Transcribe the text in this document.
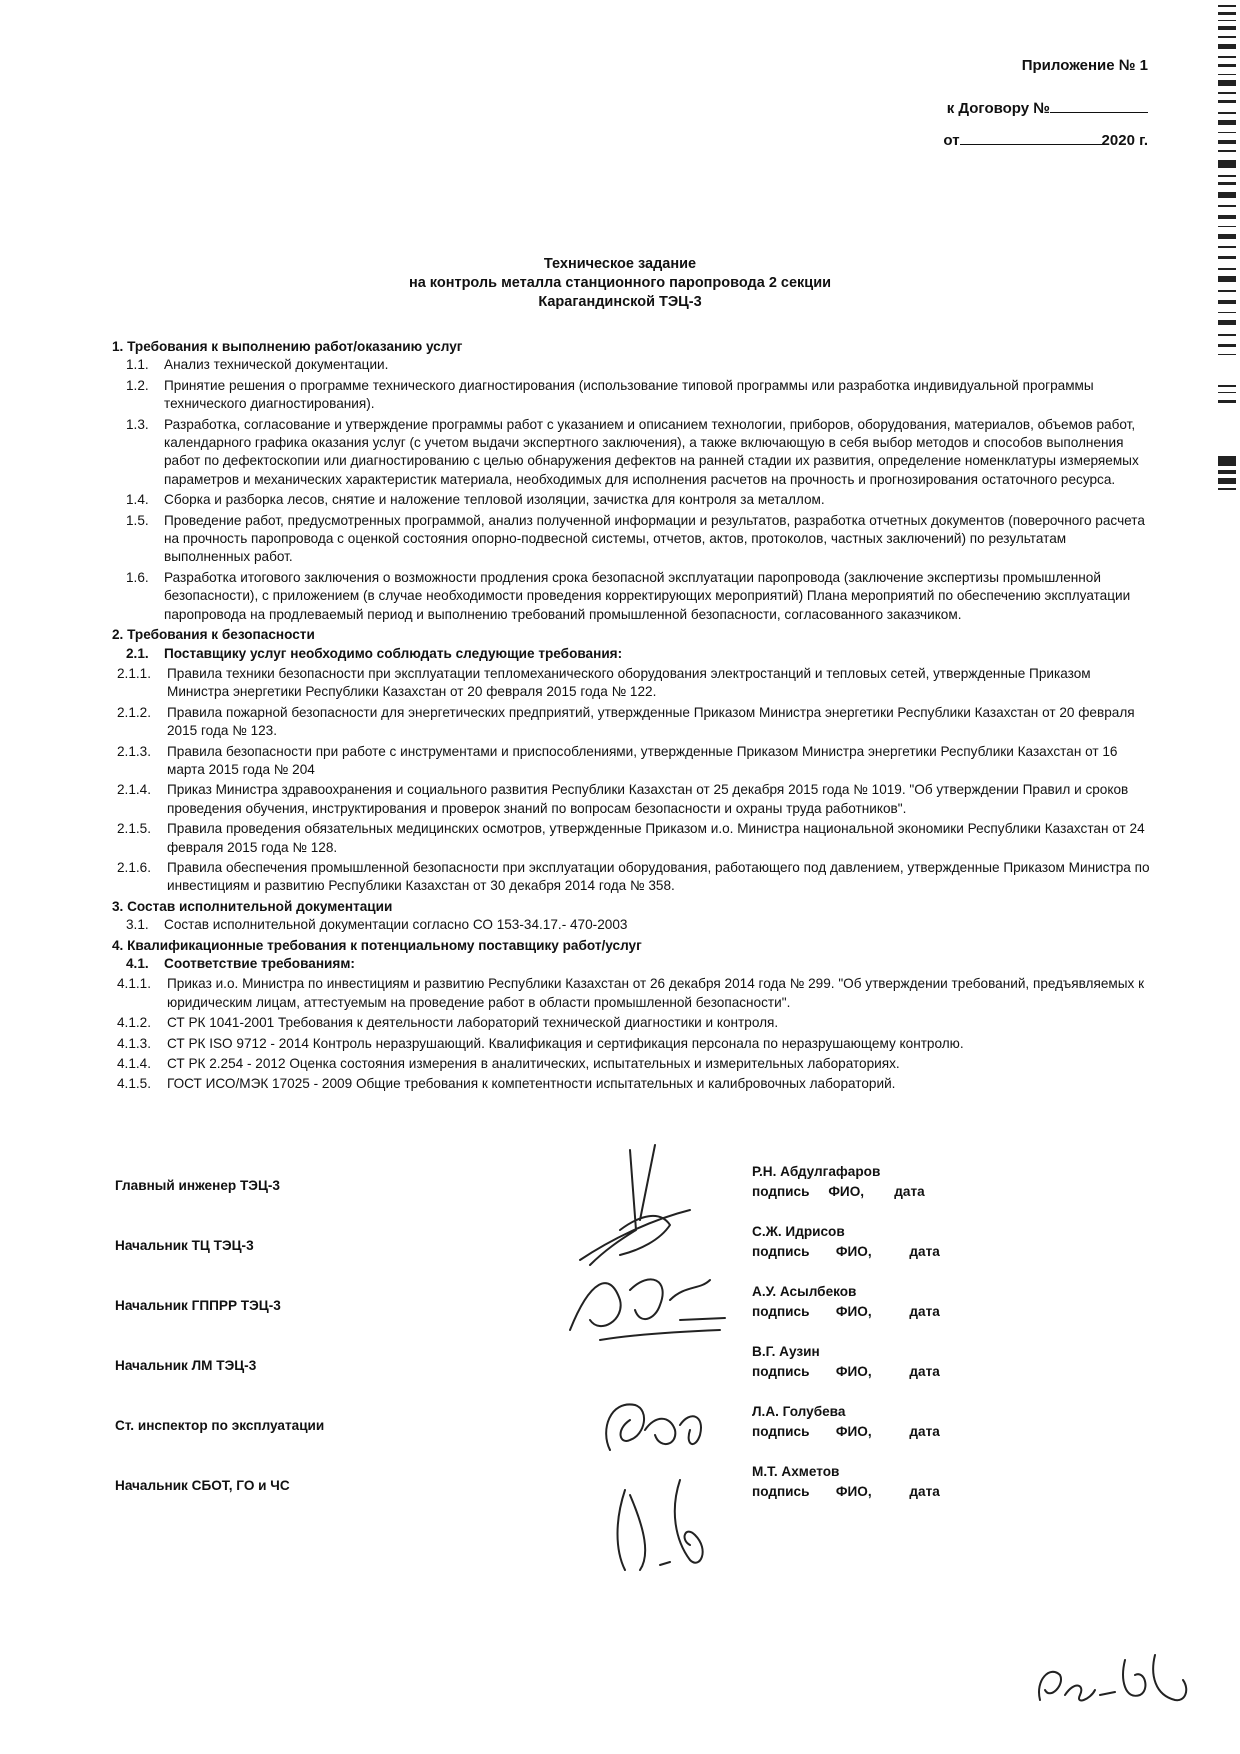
Приложение № 1
к Договору №
от	2020 г.
Техническое задание
на контроль металла станционного паропровода 2 секции
Карагандинской ТЭЦ-3
1. Требования к выполнению работ/оказанию услуг
1.1.	Анализ технической документации.
1.2.	Принятие решения о программе технического диагностирования (использование типовой программы или разработка индивидуальной программы технического диагностирования).
1.3.	Разработка, согласование и утверждение программы работ с указанием и описанием технологии, приборов, оборудования, материалов, объемов работ, календарного графика оказания услуг (с учетом выдачи экспертного заключения), а также включающую в себя выбор методов и способов выполнения работ по дефектоскопии или диагностированию с целью обнаружения дефектов на ранней стадии их развития, определение номенклатуры измеряемых параметров и механических характеристик материала, необходимых для исполнения расчетов на прочность и прогнозирования остаточного ресурса.
1.4.	Сборка и разборка лесов, снятие и наложение тепловой изоляции, зачистка для контроля за металлом.
1.5.	Проведение работ, предусмотренных программой, анализ полученной информации и результатов, разработка отчетных документов (поверочного расчета на прочность паропровода с оценкой состояния опорно-подвесной системы, отчетов, актов, протоколов, частных заключений) по результатам выполненных работ.
1.6.	Разработка итогового заключения о возможности продления срока безопасной эксплуатации паропровода (заключение экспертизы промышленной безопасности), с приложением (в случае необходимости проведения корректирующих мероприятий) Плана мероприятий по обеспечению эксплуатации паропровода на продлеваемый период и выполнению требований промышленной безопасности, согласованного заказчиком.
2. Требования к безопасности
2.1.	Поставщику услуг необходимо соблюдать следующие требования:
2.1.1.	Правила техники безопасности при эксплуатации тепломеханического оборудования электростанций и тепловых сетей, утвержденные Приказом Министра энергетики Республики Казахстан от 20 февраля 2015 года № 122.
2.1.2.	Правила пожарной безопасности для энергетических предприятий, утвержденные Приказом Министра энергетики Республики Казахстан от 20 февраля 2015 года № 123.
2.1.3.	Правила безопасности при работе с инструментами и приспособлениями, утвержденные Приказом Министра энергетики Республики Казахстан от 16 марта 2015 года № 204
2.1.4.	Приказ Министра здравоохранения и социального развития Республики Казахстан от 25 декабря 2015 года № 1019. "Об утверждении Правил и сроков проведения обучения, инструктирования и проверок знаний по вопросам безопасности и охраны труда работников".
2.1.5.	Правила проведения обязательных медицинских осмотров, утвержденные Приказом и.о. Министра национальной экономики Республики Казахстан от 24 февраля 2015 года № 128.
2.1.6.	Правила обеспечения промышленной безопасности при эксплуатации оборудования, работающего под давлением, утвержденные Приказом Министра по инвестициям и развитию Республики Казахстан от 30 декабря 2014 года № 358.
3. Состав исполнительной документации
3.1.	Состав исполнительной документации согласно СО 153-34.17.- 470-2003
4. Квалификационные требования к потенциальному поставщику работ/услуг
4.1.	Соответствие требованиям:
4.1.1.	Приказ и.о. Министра по инвестициям и развитию Республики Казахстан от 26 декабря 2014 года № 299. "Об утверждении требований, предъявляемых к юридическим лицам, аттестуемым на проведение работ в области промышленной безопасности".
4.1.2.	СТ РК 1041-2001 Требования к деятельности лабораторий технической диагностики и контроля.
4.1.3.	СТ РК ISO 9712 - 2014 Контроль неразрушающий. Квалификация и сертификация персонала по неразрушающему контролю.
4.1.4.	СТ РК 2.254 - 2012 Оценка состояния измерения в аналитических, испытательных и измерительных лабораториях.
4.1.5.	ГОСТ ИСО/МЭК 17025 - 2009 Общие требования к компетентности испытательных и калибровочных лабораторий.
Главный инженер ТЭЦ-3
Р.Н. Абдулгафаров
подпись     ФИО,        дата
Начальник ТЦ ТЭЦ-3
С.Ж. Идрисов
подпись       ФИО,          дата
Начальник ГППРР ТЭЦ-3
А.У. Асылбеков
подпись       ФИО,          дата
Начальник ЛМ ТЭЦ-3
В.Г. Аузин
подпись       ФИО,          дата
Ст. инспектор по эксплуатации
Л.А. Голубева
подпись       ФИО,          дата
Начальник СБОТ, ГО и ЧС
М.Т. Ахметов
подпись       ФИО,          дата
